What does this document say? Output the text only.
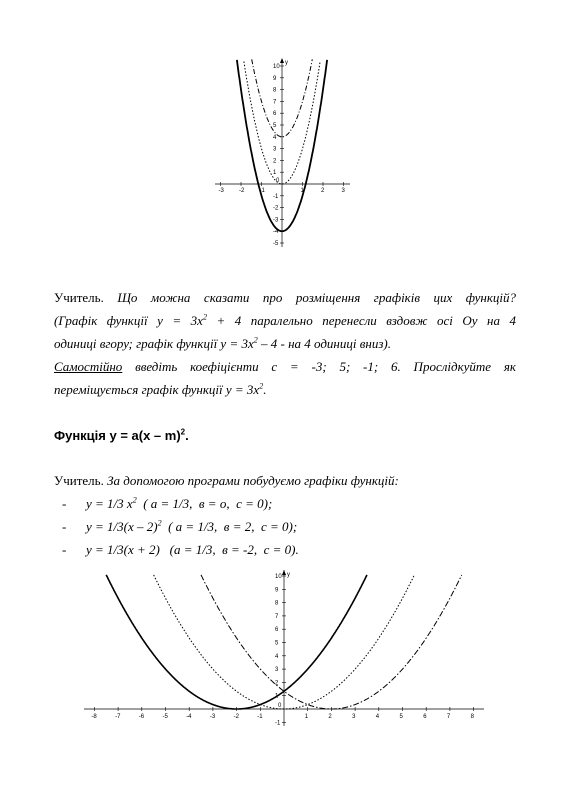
y
-3	-2	-1	1	2	3
10
9
8
7
6
5
4
3
2
1
-1
-2
-3
-4
-5
0

Учитель. Що можна сказати про розміщення графіків цих функцій?

(Графік функції $y = 3x^2 + 4$ паралельно перенесли вздовж осі Оу на 4

одиниці вгору; графік функції $y = 3x^2 - 4$ - на 4 одиниці вниз).

Самостійно введіть коефіцієнти c = -3; 5; -1; 6. Прослідкуйте як

переміщується графік функції $y = 3x^2$.

Функція y = a(x – m)$^2$.

Учитель. За допомогою програми побудуємо графіки функцій:

- y = 1/3 $x^2$  ( a = 1/3,  в = о,  c = 0);
- y = 1/3(x – 2)$^2$  ( a = 1/3,  в = 2,  c = 0);
- y = 1/3(x + 2)   (a = 1/3,  в = -2,  c = 0).
y
-8	-7	-6	-5	-4	-3	-2	-1	1	2	3	4	5	6	7	8
10
9
8
7
6
5
4
3
2
1
-1
0
